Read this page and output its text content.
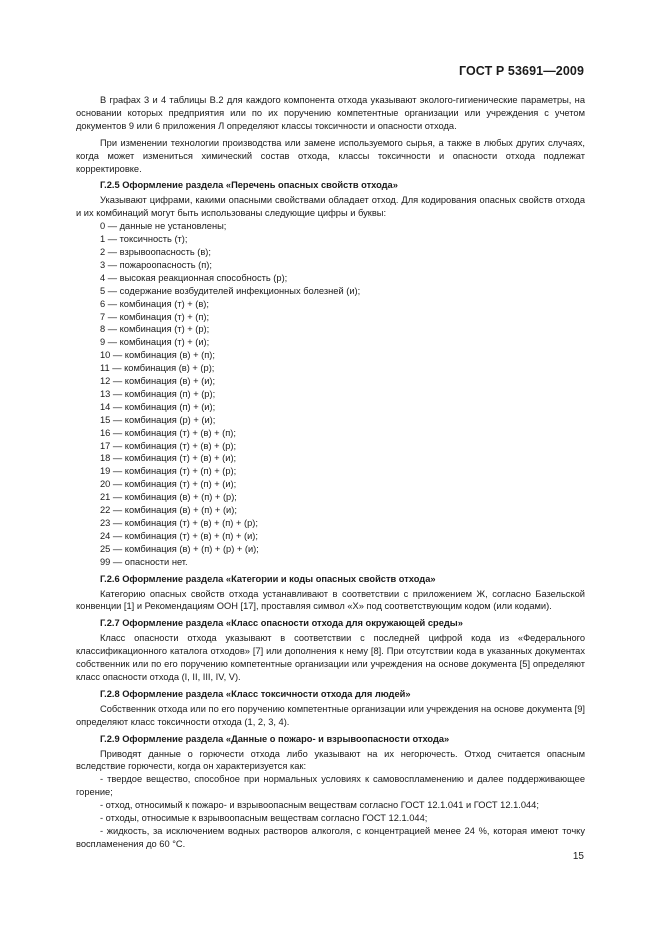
ГОСТ Р 53691—2009

В графах 3 и 4 таблицы В.2 для каждого компонента отхода указывают эколого-гигиенические параметры, на основании которых предприятия или по их поручению компетентные организации или учреждения с учетом документов 9 или 6 приложения Л определяют классы токсичности и опасности отхода.

При изменении технологии производства или замене используемого сырья, а также в любых других случаях, когда может измениться химический состав отхода, классы токсичности и опасности отхода подлежат корректировке.

Г.2.5 Оформление раздела «Перечень опасных свойств отхода»

Указывают цифрами, какими опасными свойствами обладает отход. Для кодирования опасных свойств отхода и их комбинаций могут быть использованы следующие цифры и буквы:

0 — данные не установлены;
1 — токсичность (т);
2 — взрывоопасность (в);
3 — пожароопасность (п);
4 — высокая реакционная способность (р);
5 — содержание возбудителей инфекционных болезней (и);
6 — комбинация (т) + (в);
7 — комбинация (т) + (п);
8 — комбинация (т) + (р);
9 — комбинация (т) + (и);
10 — комбинация (в) + (п);
11 — комбинация (в) + (р);
12 — комбинация (в) + (и);
13 — комбинация (п) + (р);
14 — комбинация (п) + (и);
15 — комбинация (р) + (и);
16 — комбинация (т) + (в) + (п);
17 — комбинация (т) + (в) + (р);
18 — комбинация (т) + (в) + (и);
19 — комбинация (т) + (п) + (р);
20 — комбинация (т) + (п) + (и);
21 — комбинация (в) + (п) + (р);
22 — комбинация (в) + (п) + (и);
23 — комбинация (т) + (в) + (п) + (р);
24 — комбинация (т) + (в) + (п) + (и);
25 — комбинация (в) + (п) + (р) + (и);
99 — опасности нет.

Г.2.6 Оформление раздела «Категории и коды опасных свойств отхода»

Категорию опасных свойств отхода устанавливают в соответствии с приложением Ж, согласно Базельской конвенции [1] и Рекомендациям ООН [17], проставляя символ «Х» под соответствующим кодом (или кодами).

Г.2.7 Оформление раздела «Класс опасности отхода для окружающей среды»

Класс опасности отхода указывают в соответствии с последней цифрой кода из «Федерального классификационного каталога отходов» [7] или дополнения к нему [8]. При отсутствии кода в указанных документах собственник или по его поручению компетентные организации или учреждения на основе документа [5] определяют класс опасности отхода (I, II, III, IV, V).

Г.2.8 Оформление раздела «Класс токсичности отхода для людей»

Собственник отхода или по его поручению компетентные организации или учреждения на основе документа [9] определяют класс токсичности отхода (1, 2, 3, 4).

Г.2.9 Оформление раздела «Данные о пожаро- и взрывоопасности отхода»

Приводят данные о горючести отхода либо указывают на их негорючесть. Отход считается опасным вследствие горючести, когда он характеризуется как:

- твердое вещество, способное при нормальных условиях к самовоспламенению и далее поддерживающее горение;

- отход, относимый к пожаро- и взрывоопасным веществам согласно ГОСТ 12.1.041 и ГОСТ 12.1.044;

- отходы, относимые к взрывоопасным веществам согласно ГОСТ 12.1.044;

- жидкость, за исключением водных растворов алкоголя, с концентрацией менее 24 %, которая имеют точку воспламенения до 60 °С.

15
